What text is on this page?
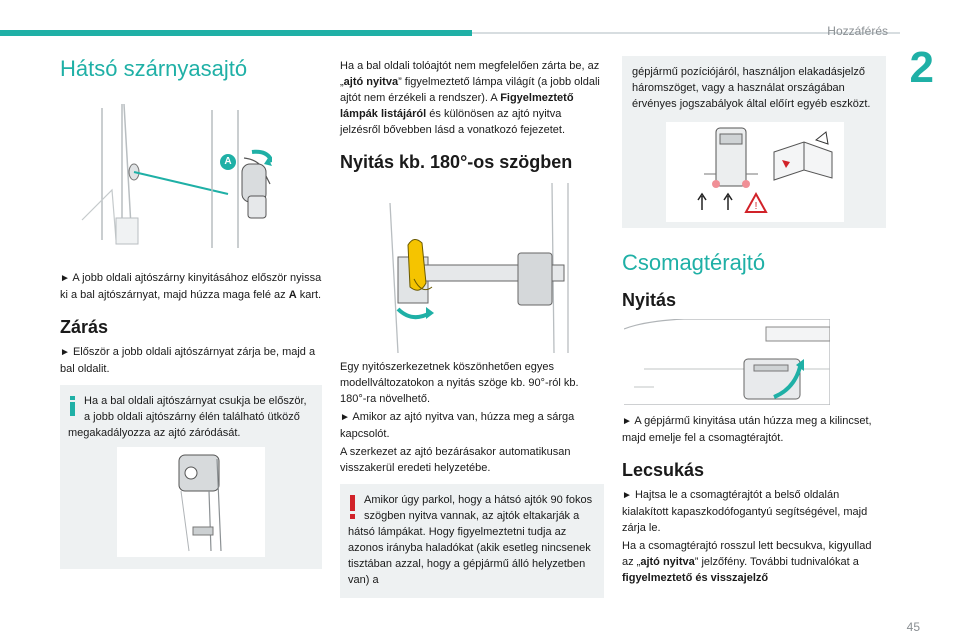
Hozzáférés
2
45
Hátsó szárnyasajtó
A

► A jobb oldali ajtószárny kinyitásához először nyissa ki a bal ajtószárnyat, majd húzza maga felé az A kart.

Zárás

► Először a jobb oldali ajtószárnyat zárja be, majd a bal oldalit.

Ha a bal oldali ajtószárnyat csukja be először, a jobb oldali ajtószárny élén található ütköző megakadályozza az ajtó záródását.

Ha a bal oldali tolóajtót nem megfelelően zárta be, az „ajtó nyitva” figyelmeztető lámpa világít (a jobb oldali ajtót nem érzékeli a rendszer). A Figyelmeztető lámpák listájáról és különösen az ajtó nyitva jelzésről bővebben lásd a vonatkozó fejezetet.

Nyitás kb. 180°-os szögben

Egy nyitószerkezetnek köszönhetően egyes modellváltozatokon a nyitás szöge kb. 90°-ról kb. 180°-ra növelhető.

► Amikor az ajtó nyitva van, húzza meg a sárga kapcsolót.

A szerkezet az ajtó bezárásakor automatikusan visszakerül eredeti helyzetébe.

Amikor úgy parkol, hogy a hátsó ajtók 90 fokos szögben nyitva vannak, az ajtók eltakarják a hátsó lámpákat. Hogy figyelmeztetni tudja az azonos irányba haladókat (akik esetleg nincsenek tisztában azzal, hogy a gépjármű álló helyzetben van) a

gépjármű pozíciójáról, használjon elakadásjelző háromszöget, vagy a használat országában érvényes jogszabályok által előírt egyéb eszközt.

!
Csomagtérajtó
Nyitás

► A gépjármű kinyitása után húzza meg a kilincset, majd emelje fel a csomagtérajtót.

Lecsukás

► Hajtsa le a csomagtérajtót a belső oldalán kialakított kapaszkodófogantyú segítségével, majd zárja le.

Ha a csomagtérajtó rosszul lett becsukva, kigyullad az „ajtó nyitva” jelzőfény. További tudnivalókat a figyelmeztető és visszajelző
